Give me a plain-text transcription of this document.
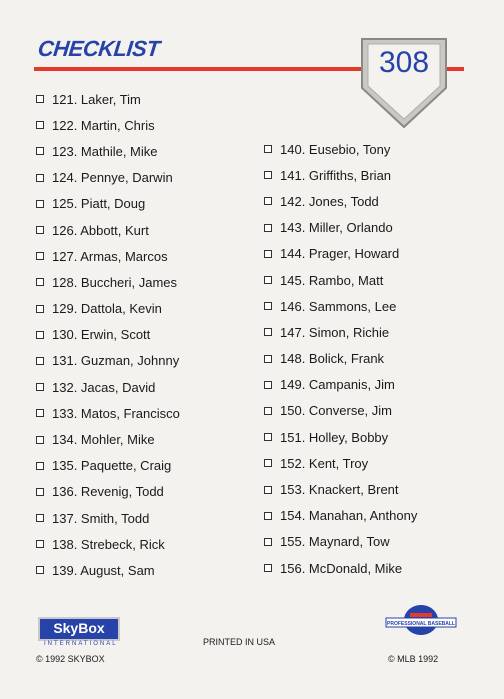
CHECKLIST	308
121. Laker, Tim
122. Martin, Chris
123. Mathile, Mike
124. Pennye, Darwin
125. Piatt, Doug
126. Abbott, Kurt
127. Armas, Marcos
128. Buccheri, James
129. Dattola, Kevin
130. Erwin, Scott
131. Guzman, Johnny
132. Jacas, David
133. Matos, Francisco
134. Mohler, Mike
135. Paquette, Craig
136. Revenig, Todd
137. Smith, Todd
138. Strebeck, Rick
139. August, Sam
140. Eusebio, Tony
141. Griffiths, Brian
142. Jones, Todd
143. Miller, Orlando
144. Prager, Howard
145. Rambo, Matt
146. Sammons, Lee
147. Simon, Richie
148. Bolick, Frank
149. Campanis, Jim
150. Converse, Jim
151. Holley, Bobby
152. Kent, Troy
153. Knackert, Brent
154. Manahan, Anthony
155. Maynard, Tow
156. McDonald, Mike
SkyBox
INTERNATIONAL
© 1992 SKYBOX
PRINTED IN USA
© MLB 1992
PROFESSIONAL BASEBALL
